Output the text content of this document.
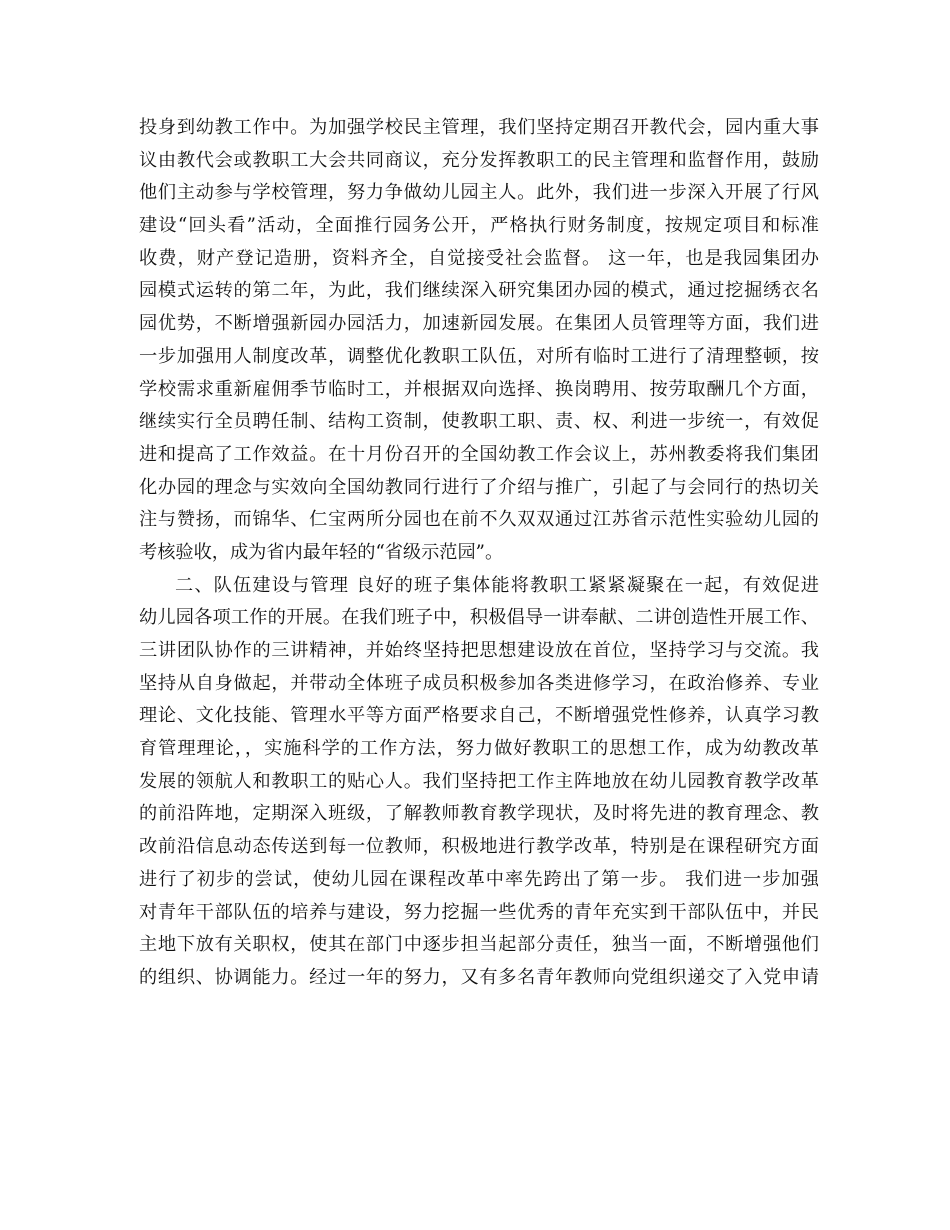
投身到幼教工作中。为加强学校民主管理，我们坚持定期召开教代会，园内重大事
议由教代会或教职工大会共同商议，充分发挥教职工的民主管理和监督作用，鼓励
他们主动参与学校管理，努力争做幼儿园主人。此外，我们进一步深入开展了行风
建设“回头看”活动，全面推行园务公开，严格执行财务制度，按规定项目和标准
收费，财产登记造册，资料齐全，自觉接受社会监督。 这一年，也是我园集团办
园模式运转的第二年，为此，我们继续深入研究集团办园的模式，通过挖掘绣衣名
园优势，不断增强新园办园活力，加速新园发展。在集团人员管理等方面，我们进
一步加强用人制度改革，调整优化教职工队伍，对所有临时工进行了清理整顿，按
学校需求重新雇佣季节临时工，并根据双向选择、换岗聘用、按劳取酬几个方面，
继续实行全员聘任制、结构工资制，使教职工职、责、权、利进一步统一，有效促
进和提高了工作效益。在十月份召开的全国幼教工作会议上，苏州教委将我们集团
化办园的理念与实效向全国幼教同行进行了介绍与推广，引起了与会同行的热切关
注与赞扬，而锦华、仁宝两所分园也在前不久双双通过江苏省示范性实验幼儿园的
考核验收，成为省内最年轻的“省级示范园”。
二、队伍建设与管理 良好的班子集体能将教职工紧紧凝聚在一起，有效促进
幼儿园各项工作的开展。在我们班子中，积极倡导一讲奉献、二讲创造性开展工作、
三讲团队协作的三讲精神，并始终坚持把思想建设放在首位，坚持学习与交流。我
坚持从自身做起，并带动全体班子成员积极参加各类进修学习，在政治修养、专业
理论、文化技能、管理水平等方面严格要求自己，不断增强党性修养，认真学习教
育管理理论，，实施科学的工作方法，努力做好教职工的思想工作，成为幼教改革
发展的领航人和教职工的贴心人。我们坚持把工作主阵地放在幼儿园教育教学改革
的前沿阵地，定期深入班级，了解教师教育教学现状，及时将先进的教育理念、教
改前沿信息动态传送到每一位教师，积极地进行教学改革，特别是在课程研究方面
进行了初步的尝试，使幼儿园在课程改革中率先跨出了第一步。 我们进一步加强
对青年干部队伍的培养与建设，努力挖掘一些优秀的青年充实到干部队伍中，并民
主地下放有关职权，使其在部门中逐步担当起部分责任，独当一面，不断增强他们
的组织、协调能力。经过一年的努力，又有多名青年教师向党组织递交了入党申请
